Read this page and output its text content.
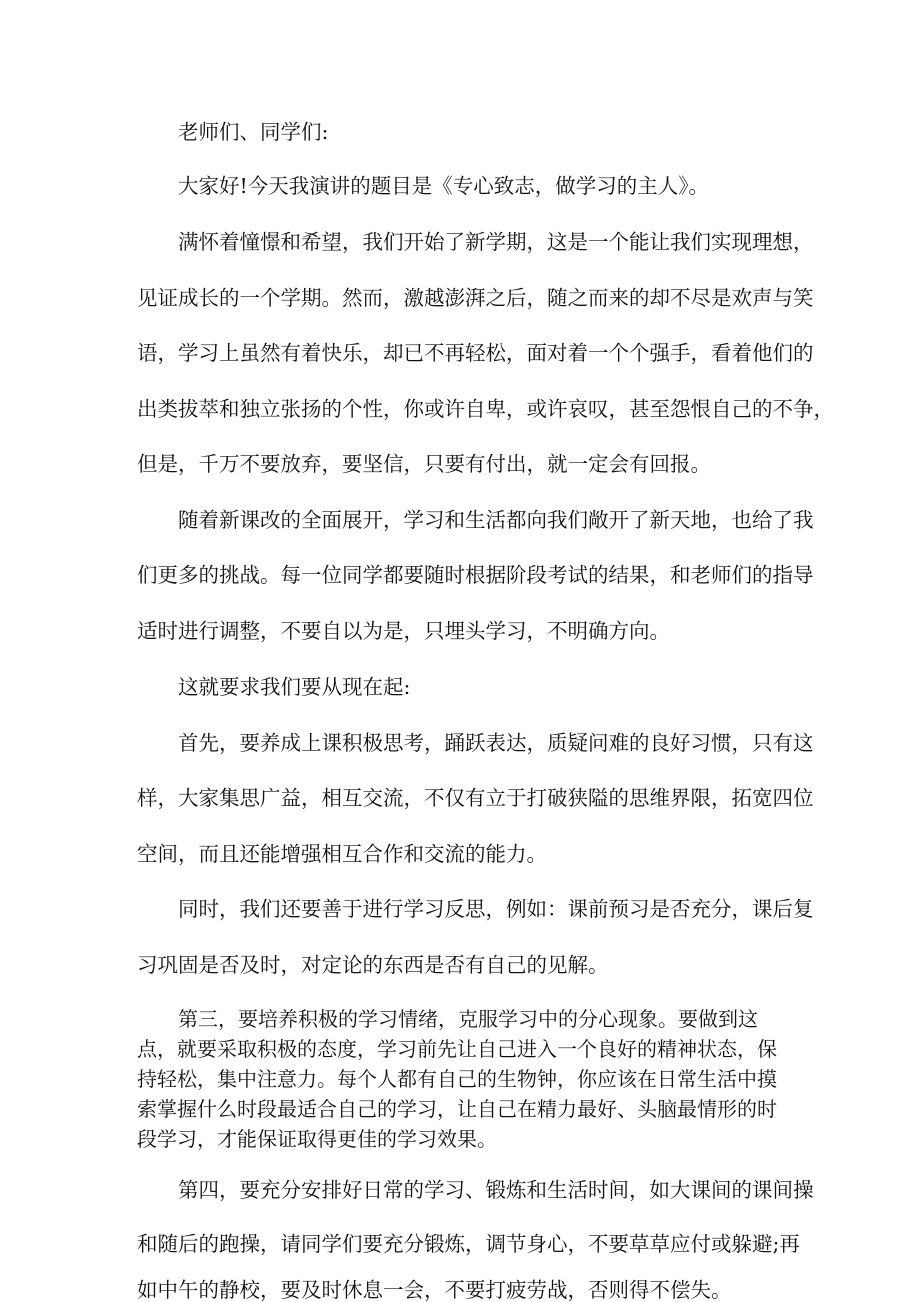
老师们、同学们:
大家好!今天我演讲的题目是《专心致志，做学习的主人》。
满怀着憧憬和希望，我们开始了新学期，这是一个能让我们实现理想，
见证成长的一个学期。然而，激越澎湃之后，随之而来的却不尽是欢声与笑
语，学习上虽然有着快乐，却已不再轻松，面对着一个个强手，看着他们的
出类拔萃和独立张扬的个性，你或许自卑，或许哀叹，甚至怨恨自己的不争，
但是，千万不要放弃，要坚信，只要有付出，就一定会有回报。
随着新课改的全面展开，学习和生活都向我们敞开了新天地，也给了我
们更多的挑战。每一位同学都要随时根据阶段考试的结果，和老师们的指导
适时进行调整，不要自以为是，只埋头学习，不明确方向。
这就要求我们要从现在起:
首先，要养成上课积极思考，踊跃表达，质疑问难的良好习惯，只有这
样，大家集思广益，相互交流，不仅有立于打破狭隘的思维界限，拓宽四位
空间，而且还能增强相互合作和交流的能力。
同时，我们还要善于进行学习反思，例如：课前预习是否充分，课后复
习巩固是否及时，对定论的东西是否有自己的见解。
第三，要培养积极的学习情绪，克服学习中的分心现象。要做到这
点，就要采取积极的态度，学习前先让自己进入一个良好的精神状态，保
持轻松，集中注意力。每个人都有自己的生物钟，你应该在日常生活中摸
索掌握什么时段最适合自己的学习，让自己在精力最好、头脑最情形的时
段学习，才能保证取得更佳的学习效果。
第四，要充分安排好日常的学习、锻炼和生活时间，如大课间的课间操
和随后的跑操，请同学们要充分锻炼，调节身心，不要草草应付或躲避;再
如中午的静校，要及时休息一会，不要打疲劳战，否则得不偿失。
